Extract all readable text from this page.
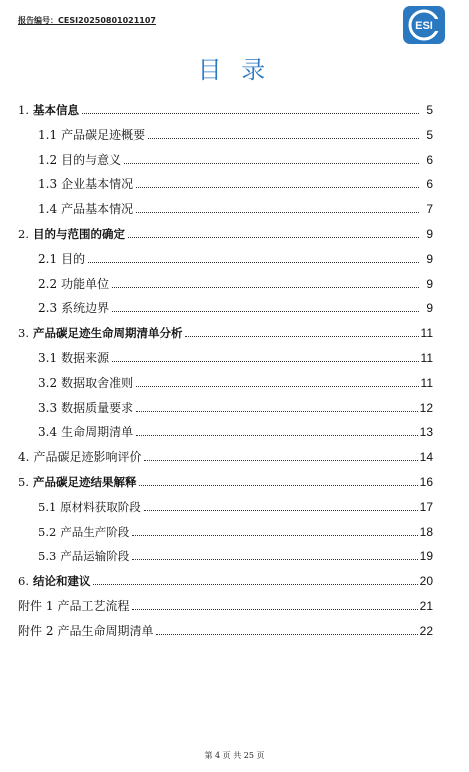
报告编号：CESI20250801021107	ESI
目 录
1. 基本信息	5
1.1 产品碳足迹概要	5
1.2 目的与意义	6
1.3 企业基本情况	6
1.4 产品基本情况	7
2. 目的与范围的确定	9
2.1 目的	9
2.2 功能单位	9
2.3 系统边界	9
3. 产品碳足迹生命周期清单分析	11
3.1 数据来源	11
3.2 数据取舍准则	11
3.3 数据质量要求	12
3.4 生命周期清单	13
4. 产品碳足迹影响评价	14
5. 产品碳足迹结果解释	16
5.1 原材料获取阶段	17
5.2 产品生产阶段	18
5.3 产品运输阶段	19
6. 结论和建议	20
附件 1 产品工艺流程	21
附件 2 产品生命周期清单	22
第 4 页 共 25 页
